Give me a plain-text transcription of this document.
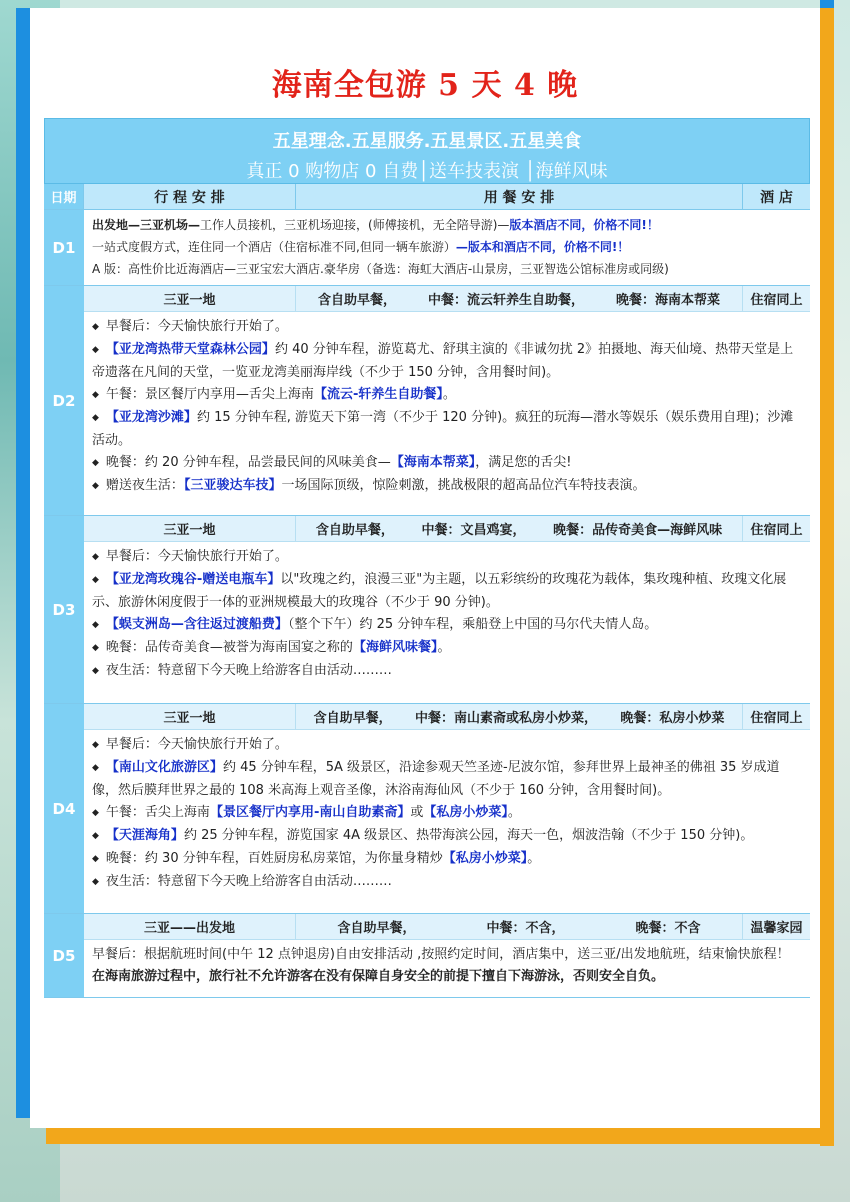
海南全包游 5 天 4 晚
五星理念.五星服务.五星景区.五星美食
真正 0 购物店 0 自费│送车技表演 │海鲜风味
日期	行 程 安 排	用 餐 安 排	酒 店
D1

出发地—三亚机场—工作人员接机，三亚机场迎接，(师傅接机，无全陪导游)—版本酒店不同，价格不同!！

一站式度假方式，连住同一个酒店（住宿标准不同,但同一辆车旅游）—版本和酒店不同，价格不同!！

A 版：高性价比近海酒店—三亚宝宏大酒店.豪华房（备选：海虹大酒店-山景房，三亚智选公馆标准房或同级)

D2
三亚一地	含自助早餐， 中餐：流云轩养生自助餐， 晚餐：海南本帮菜	住宿同上

◆ 早餐后：今天愉快旅行开始了。

◆ 【亚龙湾热带天堂森林公园】约 40 分钟车程，游览葛尤、舒琪主演的《非诚勿扰 2》拍摄地、海天仙境、热带天堂是上帝遗落在凡间的天堂，一览亚龙湾美丽海岸线（不少于 150 分钟，含用餐时间)。

◆ 午餐：景区餐厅内享用—舌尖上海南【流云-轩养生自助餐】。

◆ 【亚龙湾沙滩】约 15 分钟车程, 游览天下第一湾（不少于 120 分钟)。疯狂的玩海—潜水等娱乐（娱乐费用自理)；沙滩活动。

◆ 晚餐：约 20 分钟车程，品尝最民间的风味美食—【海南本帮菜】，满足您的舌尖!

◆ 赠送夜生活：【三亚骏达车技】一场国际顶级，惊险刺激，挑战极限的超高品位汽车特技表演。

D3
三亚一地	含自助早餐， 中餐：文昌鸡宴， 晚餐：品传奇美食—海鲜风味	住宿同上

◆ 早餐后：今天愉快旅行开始了。

◆ 【亚龙湾玫瑰谷-赠送电瓶车】以"玫瑰之约，浪漫三亚"为主题，以五彩缤纷的玫瑰花为载体，集玫瑰种植、玫瑰文化展示、旅游休闲度假于一体的亚洲规模最大的玫瑰谷（不少于 90 分钟)。

◆ 【蜈支洲岛—含往返过渡船费】（整个下午）约 25 分钟车程，乘船登上中国的马尔代夫情人岛。

◆ 晚餐：品传奇美食—被誉为海南国宴之称的【海鲜风味餐】。

◆ 夜生活：特意留下今天晚上给游客自由活动………

D4
三亚一地	含自助早餐， 中餐：南山素斋或私房小炒菜， 晚餐：私房小炒菜	住宿同上

◆ 早餐后：今天愉快旅行开始了。

◆ 【南山文化旅游区】约 45 分钟车程，5A 级景区，沿途参观天竺圣迹-尼波尔馆，参拜世界上最神圣的佛祖 35 岁成道像，然后膜拜世界之最的 108 米高海上观音圣像，沐浴南海仙风（不少于 160 分钟，含用餐时间)。

◆ 午餐：舌尖上海南【景区餐厅内享用-南山自助素斋】或【私房小炒菜】。

◆ 【天涯海角】约 25 分钟车程，游览国家 4A 级景区、热带海滨公园，海天一色，烟波浩翰（不少于 150 分钟)。

◆ 晚餐：约 30 分钟车程，百姓厨房私房菜馆，为你量身精炒【私房小炒菜】。

◆ 夜生活：特意留下今天晚上给游客自由活动………

D5
三亚——出发地	含自助早餐，	中餐：不含，	晚餐：不含	温馨家园

早餐后：根据航班时间(中午 12 点钟退房)自由安排活动 ,按照约定时间，酒店集中，送三亚/出发地航班，结束愉快旅程！在海南旅游过程中，旅行社不允许游客在没有保障自身安全的前提下擅自下海游泳，否则安全自负。
